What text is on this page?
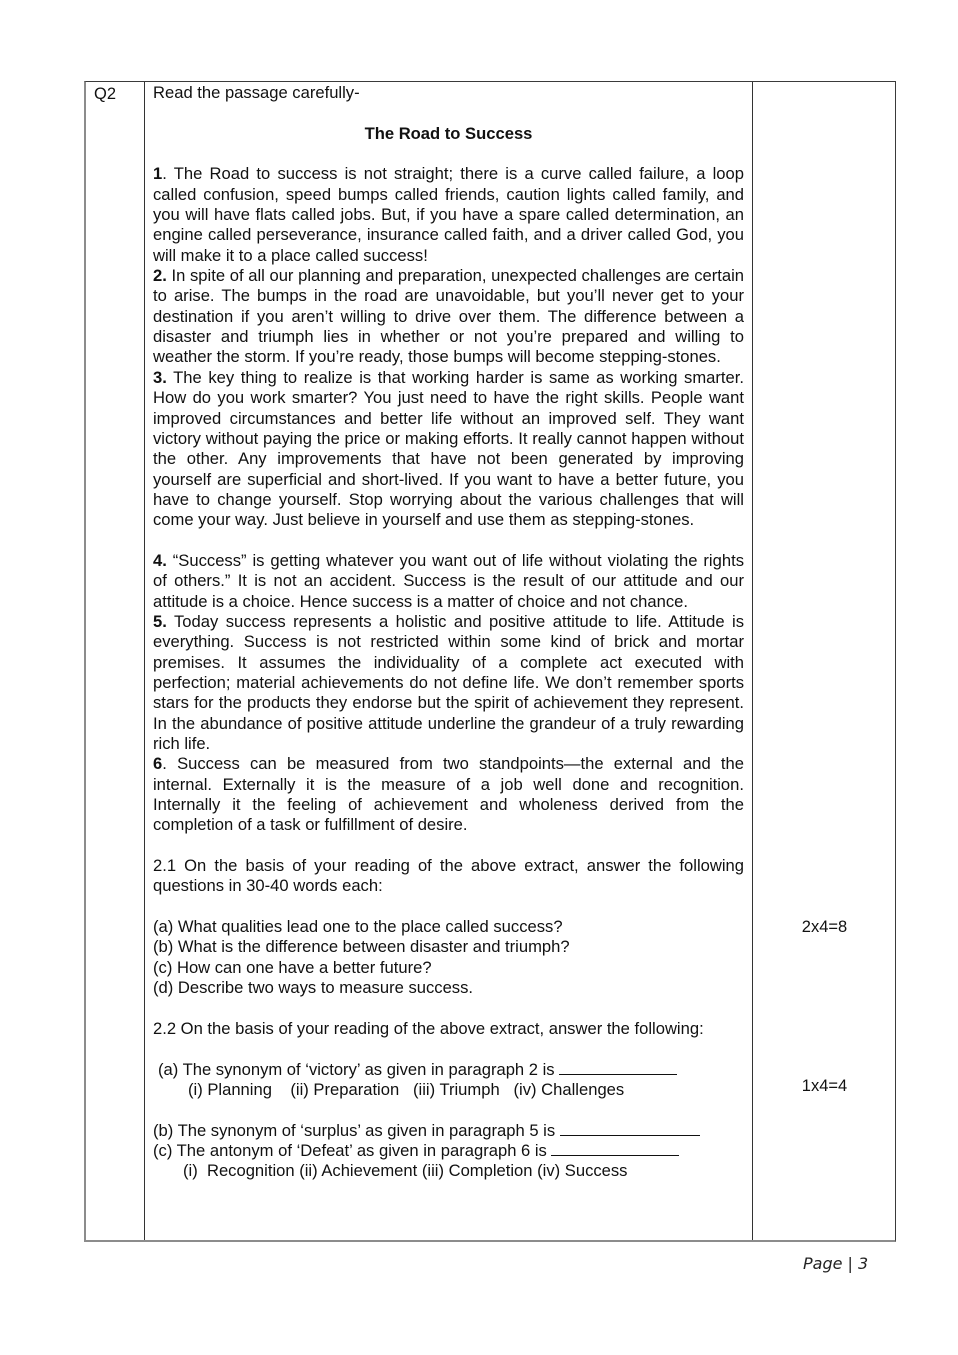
Q2 Read the passage carefully-

The Road to Success

1. The Road to success is not straight; there is a curve called failure, a loop called confusion, speed bumps called friends, caution lights called family, and you will have flats called jobs. But, if you have a spare called determination, an engine called perseverance, insurance called faith, and a driver called God, you will make it to a place called success!

2. In spite of all our planning and preparation, unexpected challenges are certain to arise. The bumps in the road are unavoidable, but you’ll never get to your destination if you aren’t willing to drive over them. The difference between a disaster and triumph lies in whether or not you’re prepared and willing to weather the storm. If you’re ready, those bumps will become stepping-stones.

3. The key thing to realize is that working harder is same as working smarter. How do you work smarter? You just need to have the right skills. People want improved circumstances and better life without an improved self. They want victory without paying the price or making efforts. It really cannot happen without the other. Any improvements that have not been generated by improving yourself are superficial and short-lived. If you want to have a better future, you have to change yourself. Stop worrying about the various challenges that will come your way. Just believe in yourself and use them as stepping-stones.

4. “Success” is getting whatever you want out of life without violating the rights of others.” It is not an accident. Success is the result of our attitude and our attitude is a choice. Hence success is a matter of choice and not chance.

5. Today success represents a holistic and positive attitude to life. Attitude is everything. Success is not restricted within some kind of brick and mortar premises. It assumes the individuality of a complete act executed with perfection; material achievements do not define life. We don’t remember sports stars for the products they endorse but the spirit of achievement they represent. In the abundance of positive attitude underline the grandeur of a truly rewarding rich life.

6. Success can be measured from two standpoints—the external and the internal. Externally it is the measure of a job well done and recognition. Internally it the feeling of achievement and wholeness derived from the completion of a task or fulfillment of desire.

2.1 On the basis of your reading of the above extract, answer the following questions in 30-40 words each:

(a) What qualities lead one to the place called success?

(b) What is the difference between disaster and triumph?

(c) How can one have a better future?

(d) Describe two ways to measure success.

2.2 On the basis of your reading of the above extract, answer the following:

(a) The synonym of ‘victory’ as given in paragraph 2 is

(i) Planning    (ii) Preparation   (iii) Triumph   (iv) Challenges

(b) The synonym of ‘surplus’ as given in paragraph 5 is

(c) The antonym of ‘Defeat’ as given in paragraph 6 is

(i)  Recognition (ii) Achievement (iii) Completion (iv) Success

2x4=8
1x4=4
Page | 3
